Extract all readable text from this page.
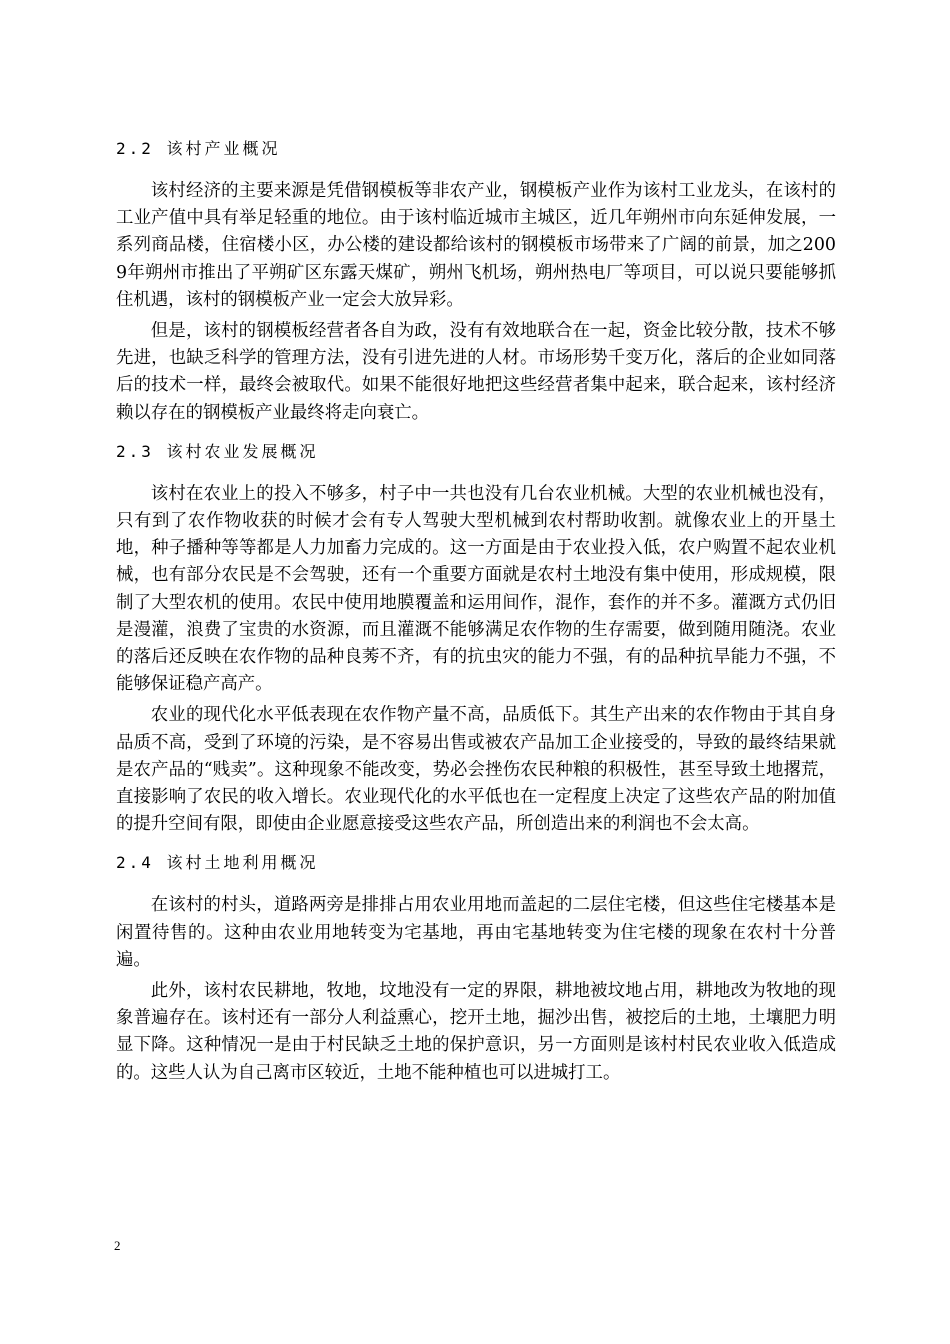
2.2 该村产业概况

该村经济的主要来源是凭借钢模板等非农产业，钢模板产业作为该村工业龙头，在该村的工业产值中具有举足轻重的地位。由于该村临近城市主城区，近几年朔州市向东延伸发展，一系列商品楼，住宿楼小区，办公楼的建设都给该村的钢模板市场带来了广阔的前景，加之2009年朔州市推出了平朔矿区东露天煤矿，朔州飞机场，朔州热电厂等项目，可以说只要能够抓住机遇，该村的钢模板产业一定会大放异彩。

但是，该村的钢模板经营者各自为政，没有有效地联合在一起，资金比较分散，技术不够先进，也缺乏科学的管理方法，没有引进先进的人材。市场形势千变万化，落后的企业如同落后的技术一样，最终会被取代。如果不能很好地把这些经营者集中起来，联合起来，该村经济赖以存在的钢模板产业最终将走向衰亡。

2.3 该村农业发展概况

该村在农业上的投入不够多，村子中一共也没有几台农业机械。大型的农业机械也没有，只有到了农作物收获的时候才会有专人驾驶大型机械到农村帮助收割。就像农业上的开垦土地，种子播种等等都是人力加畜力完成的。这一方面是由于农业投入低，农户购置不起农业机械，也有部分农民是不会驾驶，还有一个重要方面就是农村土地没有集中使用，形成规模，限制了大型农机的使用。农民中使用地膜覆盖和运用间作，混作，套作的并不多。灌溉方式仍旧是漫灌，浪费了宝贵的水资源，而且灌溉不能够满足农作物的生存需要，做到随用随浇。农业的落后还反映在农作物的品种良莠不齐，有的抗虫灾的能力不强，有的品种抗旱能力不强，不能够保证稳产高产。

农业的现代化水平低表现在农作物产量不高，品质低下。其生产出来的农作物由于其自身品质不高，受到了环境的污染，是不容易出售或被农产品加工企业接受的，导致的最终结果就是农产品的“贱卖”。这种现象不能改变，势必会挫伤农民种粮的积极性，甚至导致土地撂荒，直接影响了农民的收入增长。农业现代化的水平低也在一定程度上决定了这些农产品的附加值的提升空间有限，即使由企业愿意接受这些农产品，所创造出来的利润也不会太高。

2.4 该村土地利用概况

在该村的村头，道路两旁是排排占用农业用地而盖起的二层住宅楼，但这些住宅楼基本是闲置待售的。这种由农业用地转变为宅基地，再由宅基地转变为住宅楼的现象在农村十分普遍。

此外，该村农民耕地，牧地，坟地没有一定的界限，耕地被坟地占用，耕地改为牧地的现象普遍存在。该村还有一部分人利益熏心，挖开土地，掘沙出售，被挖后的土地，土壤肥力明显下降。这种情况一是由于村民缺乏土地的保护意识，另一方面则是该村村民农业收入低造成的。这些人认为自己离市区较近，土地不能种植也可以进城打工。

2
